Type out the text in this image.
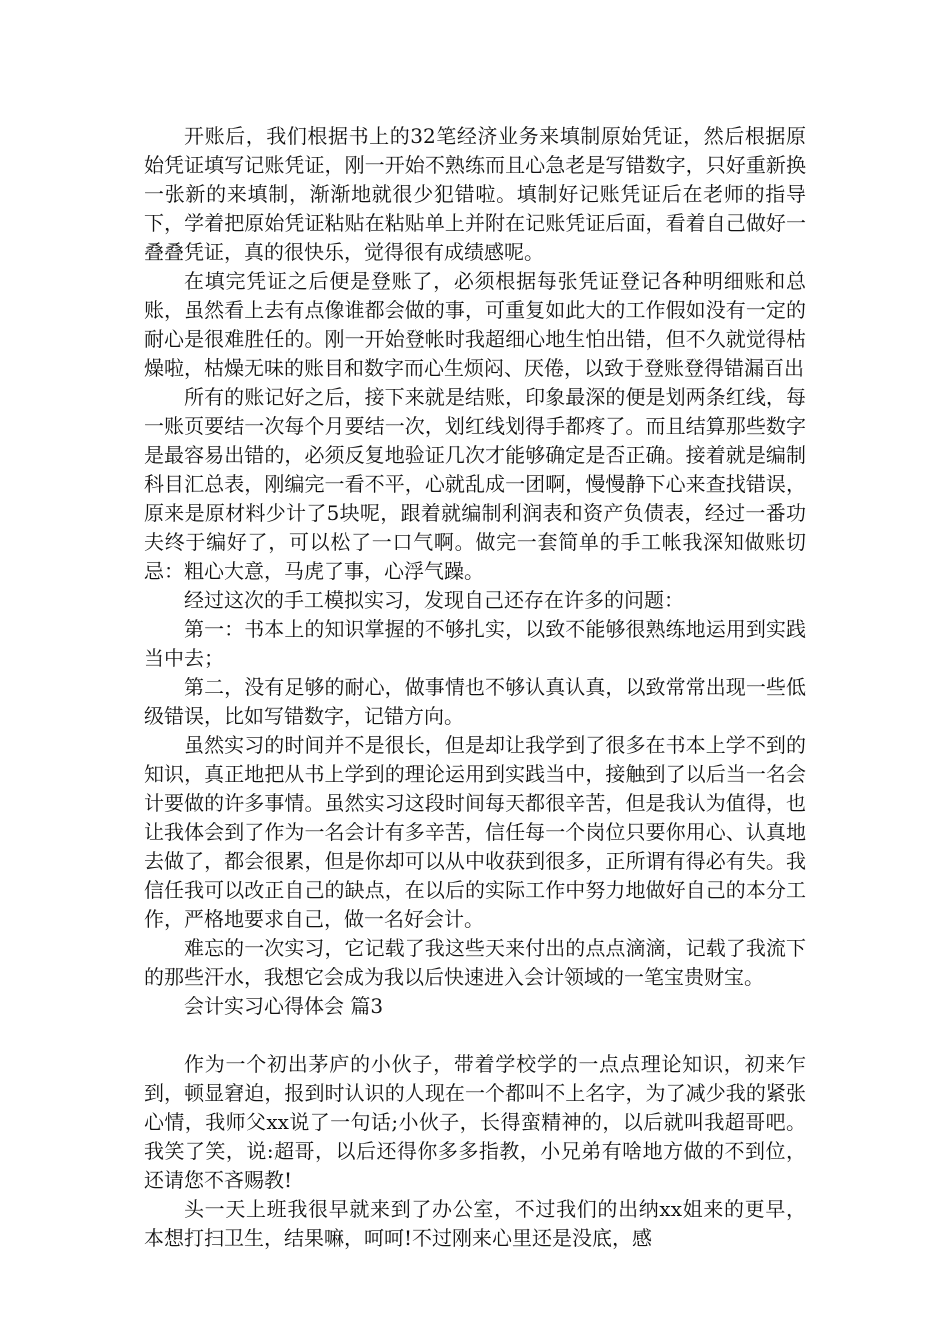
开账后，我们根据书上的32笔经济业务来填制原始凭证，然后根据原始凭证填写记账凭证，刚一开始不熟练而且心急老是写错数字，只好重新换一张新的来填制，渐渐地就很少犯错啦。填制好记账凭证后在老师的指导下，学着把原始凭证粘贴在粘贴单上并附在记账凭证后面，看着自己做好一叠叠凭证，真的很快乐，觉得很有成绩感呢。

在填完凭证之后便是登账了，必须根据每张凭证登记各种明细账和总账，虽然看上去有点像谁都会做的事，可重复如此大的工作假如没有一定的耐心是很难胜任的。刚一开始登帐时我超细心地生怕出错，但不久就觉得枯燥啦，枯燥无味的账目和数字而心生烦闷、厌倦，以致于登账登得错漏百出

所有的账记好之后，接下来就是结账，印象最深的便是划两条红线，每一账页要结一次每个月要结一次，划红线划得手都疼了。而且结算那些数字是最容易出错的，必须反复地验证几次才能够确定是否正确。接着就是编制科目汇总表，刚编完一看不平，心就乱成一团啊，慢慢静下心来查找错误，原来是原材料少计了5块呢，跟着就编制利润表和资产负债表，经过一番功夫终于编好了，可以松了一口气啊。做完一套简单的手工帐我深知做账切忌：粗心大意，马虎了事，心浮气躁。

经过这次的手工模拟实习，发现自己还存在许多的问题：

第一：书本上的知识掌握的不够扎实，以致不能够很熟练地运用到实践当中去；

第二，没有足够的耐心，做事情也不够认真认真，以致常常出现一些低级错误，比如写错数字，记错方向。

虽然实习的时间并不是很长，但是却让我学到了很多在书本上学不到的知识，真正地把从书上学到的理论运用到实践当中，接触到了以后当一名会计要做的许多事情。虽然实习这段时间每天都很辛苦，但是我认为值得，也让我体会到了作为一名会计有多辛苦，信任每一个岗位只要你用心、认真地去做了，都会很累，但是你却可以从中收获到很多，正所谓有得必有失。我信任我可以改正自己的缺点，在以后的实际工作中努力地做好自己的本分工作，严格地要求自己，做一名好会计。

难忘的一次实习，它记载了我这些天来付出的点点滴滴，记载了我流下的那些汗水，我想它会成为我以后快速进入会计领域的一笔宝贵财宝。

会计实习心得体会 篇3

作为一个初出茅庐的小伙子，带着学校学的一点点理论知识，初来乍到，顿显窘迫，报到时认识的人现在一个都叫不上名字，为了减少我的紧张心情，我师父xx说了一句话;小伙子，长得蛮精神的，以后就叫我超哥吧。我笑了笑，说:超哥，以后还得你多多指教，小兄弟有啥地方做的不到位，还请您不吝赐教!

头一天上班我很早就来到了办公室，不过我们的出纳xx姐来的更早，本想打扫卫生，结果嘛，呵呵!不过刚来心里还是没底，感
